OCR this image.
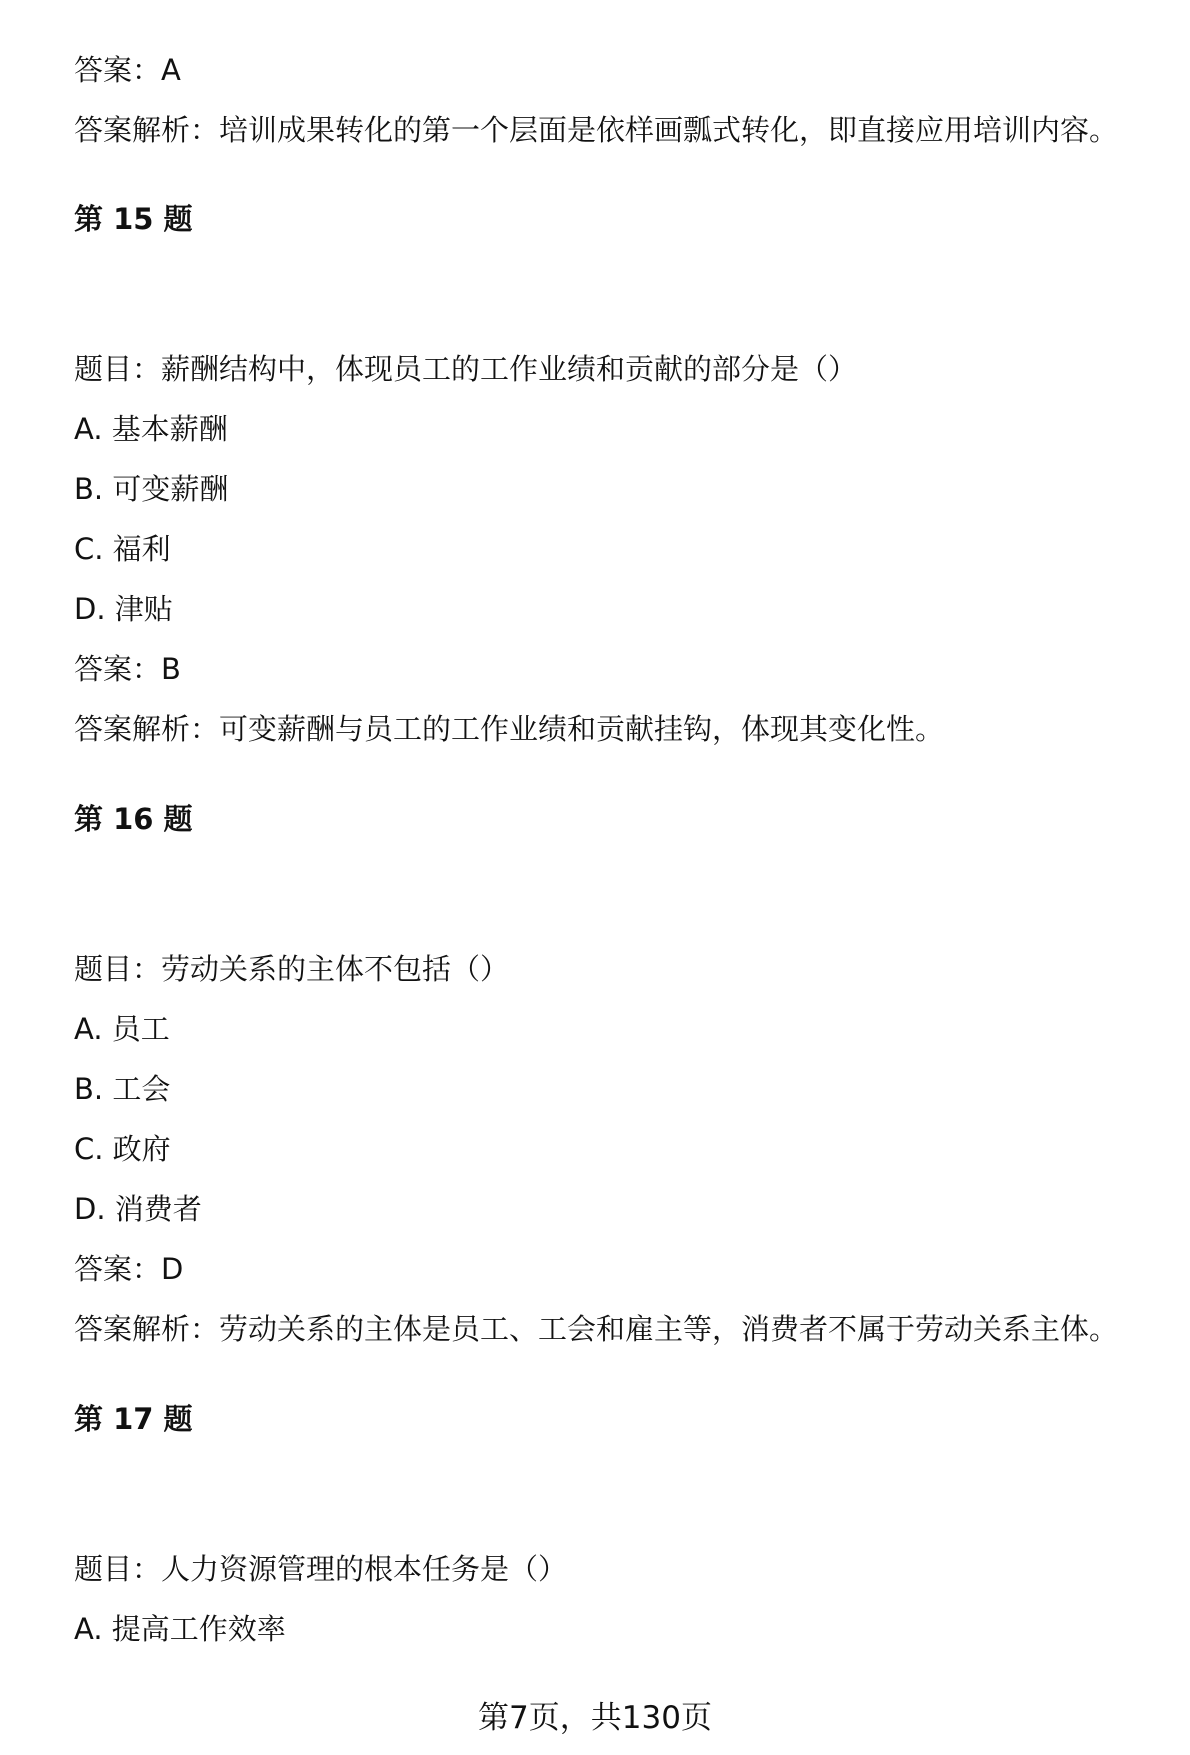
答案：A
答案解析：培训成果转化的第一个层面是依样画瓢式转化，即直接应用培训内容。
第 15 题
题目：薪酬结构中，体现员工的工作业绩和贡献的部分是（）
A. 基本薪酬
B. 可变薪酬
C. 福利
D. 津贴
答案：B
答案解析：可变薪酬与员工的工作业绩和贡献挂钩，体现其变化性。
第 16 题
题目：劳动关系的主体不包括（）
A. 员工
B. 工会
C. 政府
D. 消费者
答案：D
答案解析：劳动关系的主体是员工、工会和雇主等，消费者不属于劳动关系主体。
第 17 题
题目：人力资源管理的根本任务是（）
A. 提高工作效率
第7页，共130页
